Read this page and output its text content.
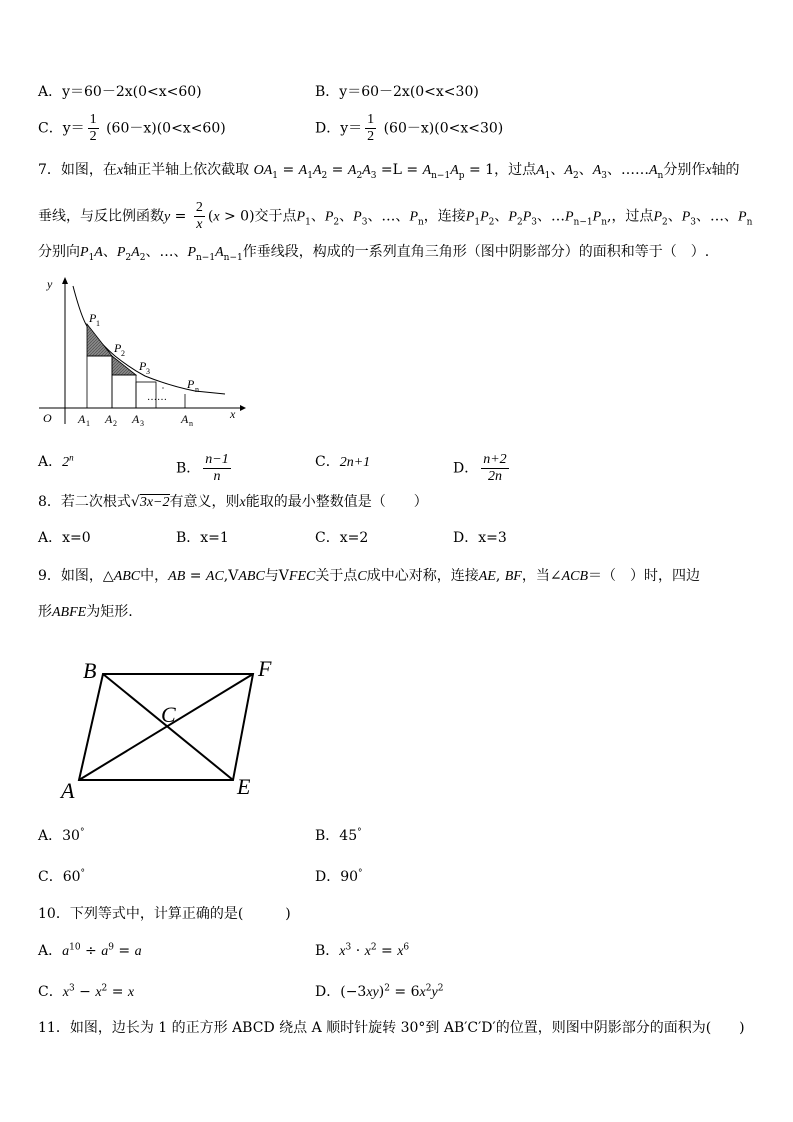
A．y＝60－2x(0<x<60)	B．y＝60－2x(0<x<30)
C．$y= \frac{1}{2} (60-x)(0<x<60)$	D．$y= \frac{1}{2} (60-x)(0<x<30)$
7．如图，在x轴正半轴上依次截取 $OA_1 = A_1A_2 = A_2A_3 =L = A_{n-1}A_p = 1$，过点$A_1$、$A_2$、$A_3$、$\dots\dots A_n$分别作x轴的
垂线，与反比例函数$y = \frac{2}{x} (x > 0)$交于点$P_1$、$P_2$、$P_3$、…、$P_n$，连接$P_1P_2$、$P_2P_3$、$\dots P_{n-1}P_n$,，过点$P_2$、$P_3$、…、$P_n$
分别向$P_1A$、$P_2A_2$、…、$P_{n-1}A_{n-1}$作垂线段，构成的一系列直角三角形（图中阴影部分）的面积和等于（　）.
y
x
O
……
P 1
P 2
P 3
P n
A 1 A 2 A 3	A n
A．2$^n$
B． $\frac{n-1}{n}$	C．2n+1	D． $\frac{n+2}{2n}$
8．若二次根式√3x−2有意义，则x能取的最小整数值是（　　）
A．x=0	B．x=1	C．x=2	D．x=3
9．如图，△ABC中，AB = AC,VABC与VFEC关于点C成中心对称，连接AE, BF，当∠ACB＝（　）时，四边
形ABFE为矩形.
B	F
C
A	E
A．30°	B．45°
C．60°	D．90°
10．下列等式中，计算正确的是(　　　)
A．$a^{10} \div a^9 = a$	B．$x^3 \cdot x^2 = x^6$
C．$x^3 - x^2 = x$	D．$(-3xy)^2 = 6x^2y^2$
11．如图，边长为 1 的正方形 ABCD 绕点 A 顺时针旋转 30°到 AB′C′D′的位置，则图中阴影部分的面积为(　　)
